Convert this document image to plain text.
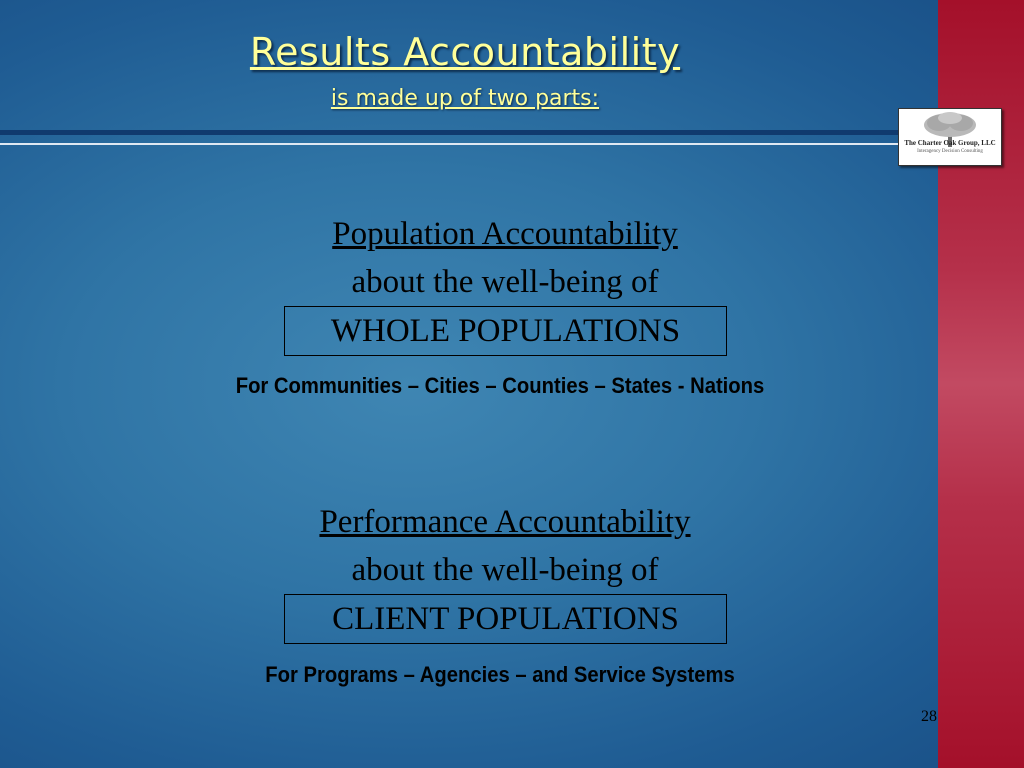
Results Accountability
is made up of two parts:
The Charter Oak Group, LLC
Interagency Decision Consulting
Population Accountability
about the well-being of
WHOLE POPULATIONS
For Communities – Cities – Counties – States - Nations
Performance Accountability
about the well-being of
CLIENT POPULATIONS
For Programs – Agencies – and Service Systems
28
